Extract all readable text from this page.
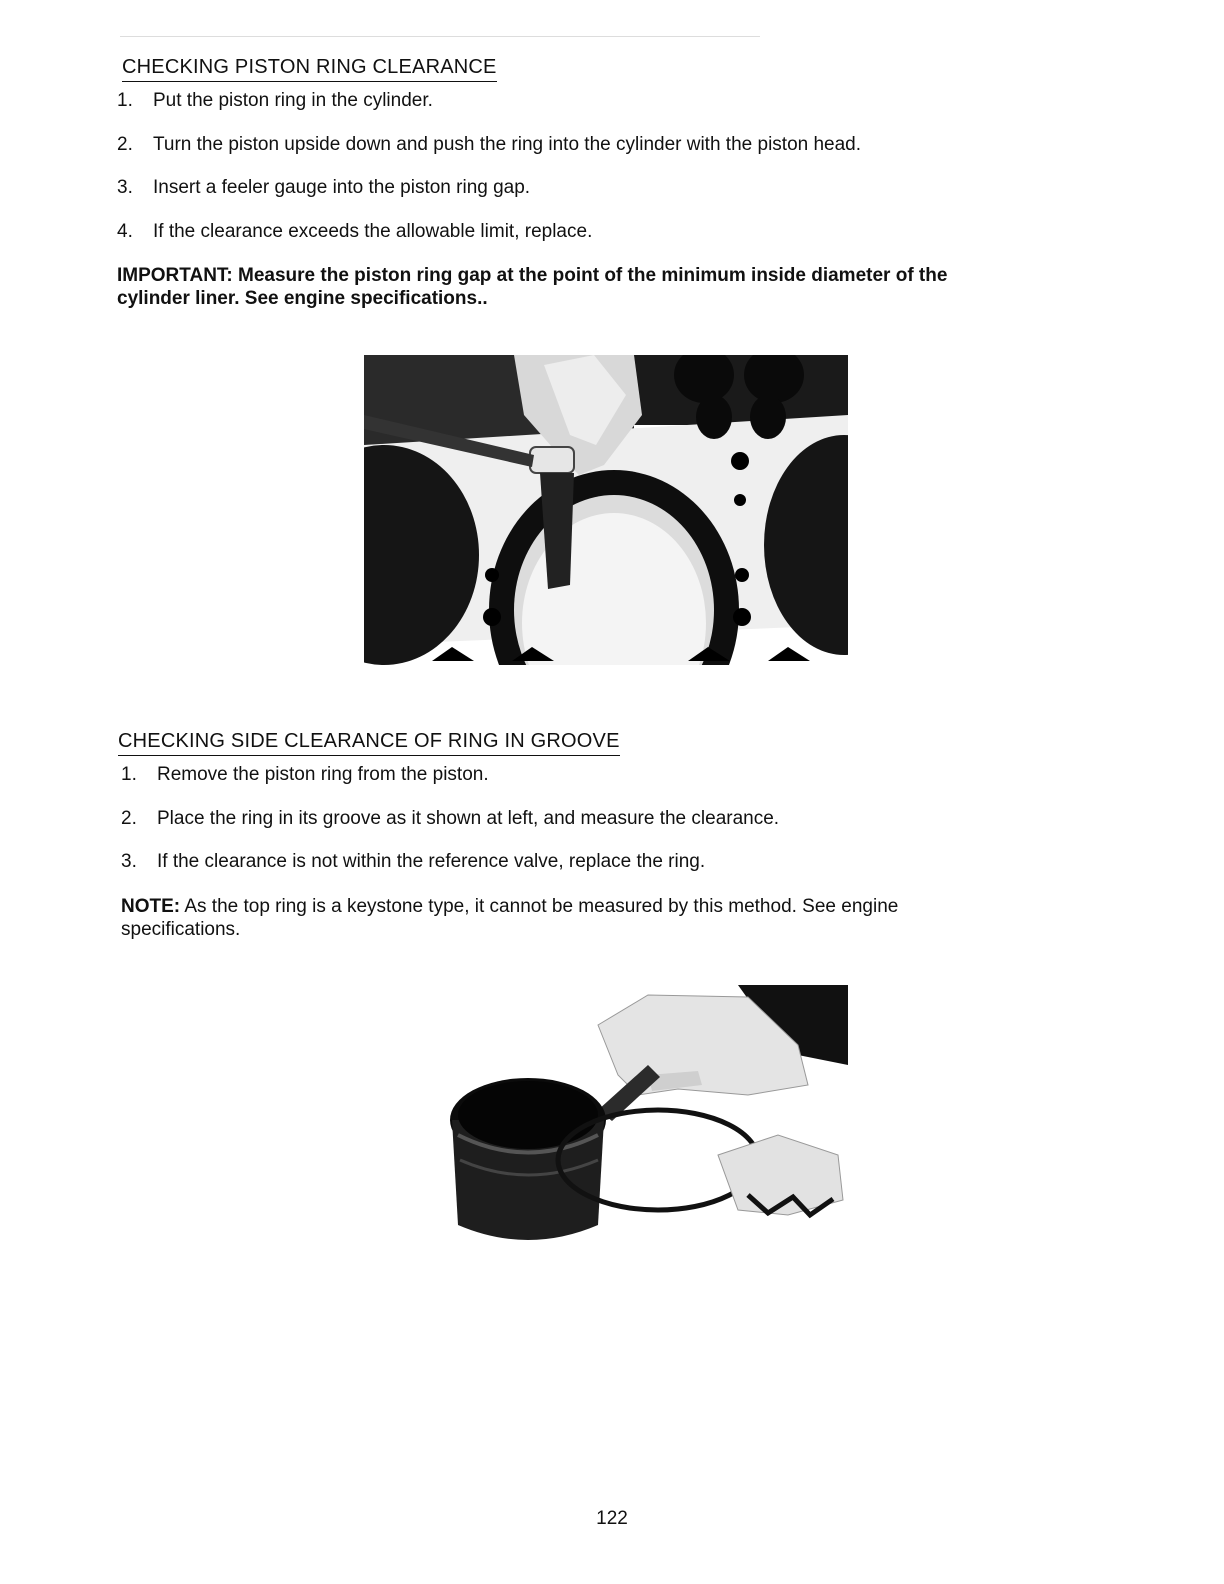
CHECKING PISTON RING CLEARANCE
1. Put the piston ring in the cylinder.
2. Turn the piston upside down and push the ring into the cylinder with the piston head.
3. Insert a feeler gauge into the piston ring gap.
4. If the clearance exceeds the allowable limit, replace.
IMPORTANT: Measure the piston ring gap at the point of the minimum inside diameter of the cylinder liner. See engine specifications..
CHECKING SIDE CLEARANCE OF RING IN GROOVE
1. Remove the piston ring from the piston.
2. Place the ring in its groove as it shown at left, and measure the clearance.
3. If the clearance is not within the reference valve, replace the ring.
NOTE: As the top ring is a keystone type, it cannot be measured by this method. See engine specifications.
122
